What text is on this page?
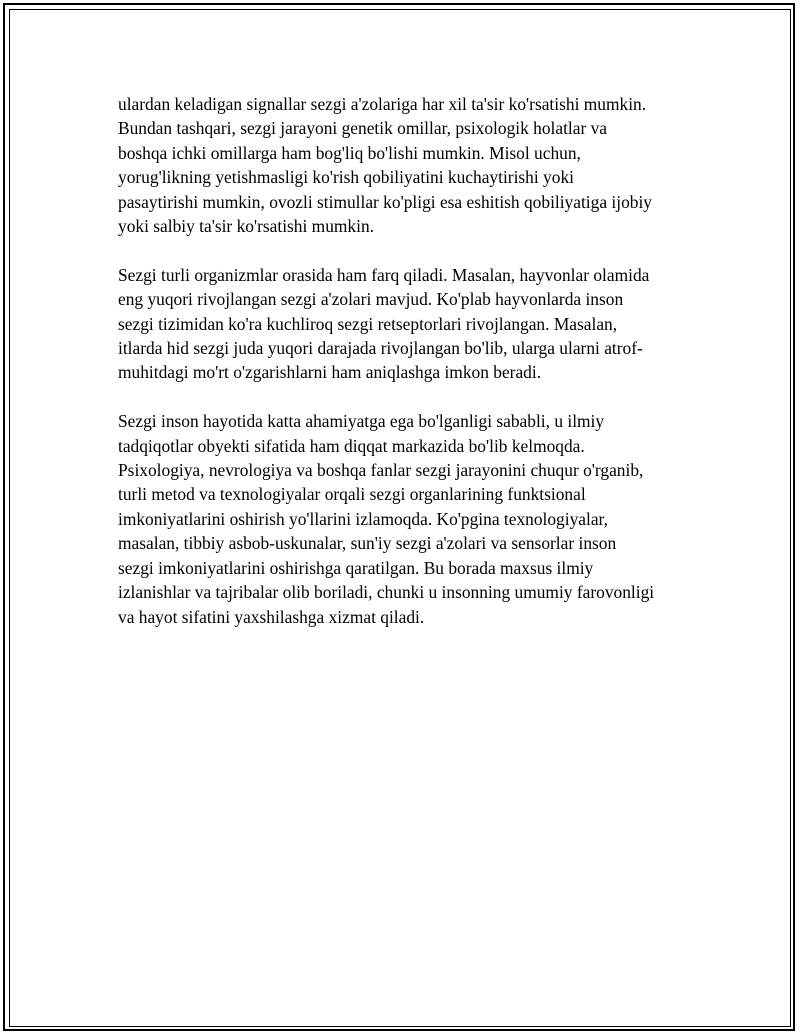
ulardan keladigan signallar sezgi a'zolariga har xil ta'sir ko'rsatishi mumkin.
Bundan tashqari, sezgi jarayoni genetik omillar, psixologik holatlar va
boshqa ichki omillarga ham bog'liq bo'lishi mumkin. Misol uchun,
yorug'likning yetishmasligi ko'rish qobiliyatini kuchaytirishi yoki
pasaytirishi mumkin, ovozli stimullar ko'pligi esa eshitish qobiliyatiga ijobiy
yoki salbiy ta'sir ko'rsatishi mumkin.

Sezgi turli organizmlar orasida ham farq qiladi. Masalan, hayvonlar olamida
eng yuqori rivojlangan sezgi a'zolari mavjud. Ko'plab hayvonlarda inson
sezgi tizimidan ko'ra kuchliroq sezgi retseptorlari rivojlangan. Masalan,
itlarda hid sezgi juda yuqori darajada rivojlangan bo'lib, ularga ularni atrof-
muhitdagi mo'rt o'zgarishlarni ham aniqlashga imkon beradi.

Sezgi inson hayotida katta ahamiyatga ega bo'lganligi sababli, u ilmiy
tadqiqotlar obyekti sifatida ham diqqat markazida bo'lib kelmoqda.
Psixologiya, nevrologiya va boshqa fanlar sezgi jarayonini chuqur o'rganib,
turli metod va texnologiyalar orqali sezgi organlarining funktsional
imkoniyatlarini oshirish yo'llarini izlamoqda. Ko'pgina texnologiyalar,
masalan, tibbiy asbob-uskunalar, sun'iy sezgi a'zolari va sensorlar inson
sezgi imkoniyatlarini oshirishga qaratilgan. Bu borada maxsus ilmiy
izlanishlar va tajribalar olib boriladi, chunki u insonning umumiy farovonligi
va hayot sifatini yaxshilashga xizmat qiladi.
